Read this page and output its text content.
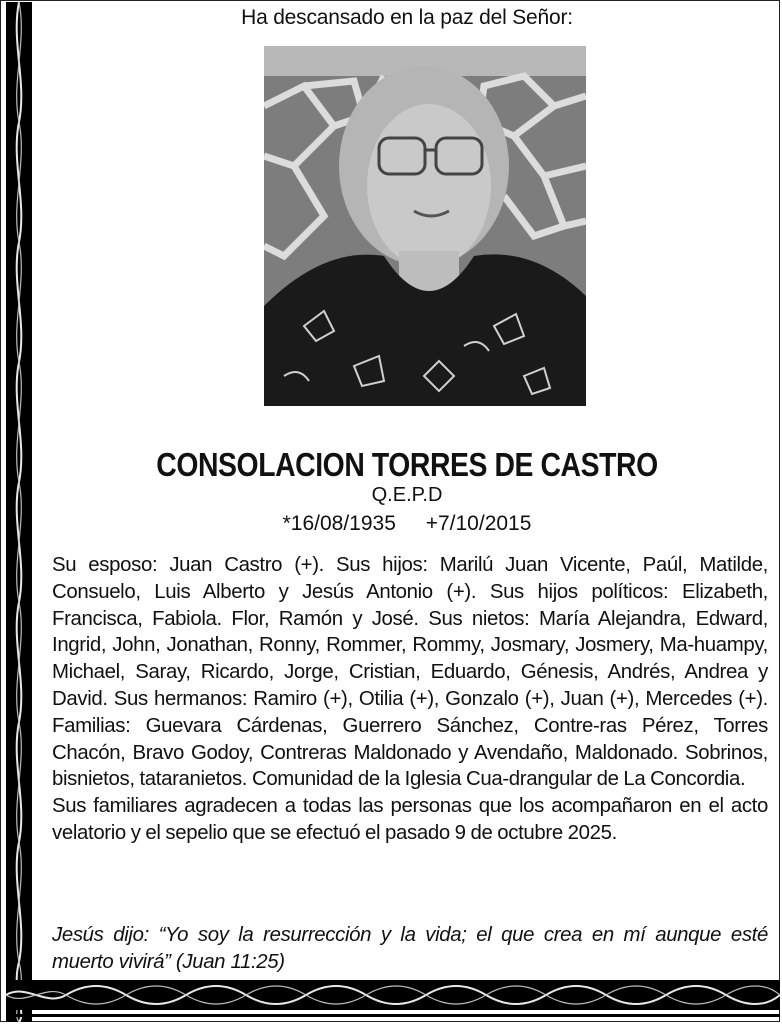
Ha descansado en la paz del Señor:
CONSOLACION TORRES DE CASTRO
Q.E.P.D
*16/08/1935 +7/10/2015

Su esposo: Juan Castro (+). Sus hijos: Marilú Juan Vicente, Paúl, Matilde, Consuelo, Luis Alberto y Jesús Antonio (+). Sus hijos políticos: Elizabeth, Francisca, Fabiola. Flor, Ramón y José. Sus nietos: María Alejandra, Edward, Ingrid, John, Jonathan, Ronny, Rommer, Rommy, Josmary, Josmery, Ma-huampy, Michael, Saray, Ricardo, Jorge, Cristian, Eduardo, Génesis, Andrés, Andrea y David. Sus hermanos: Ramiro (+), Otilia (+), Gonzalo (+), Juan (+), Mercedes (+). Familias: Guevara Cárdenas, Guerrero Sánchez, Contre-ras Pérez, Torres Chacón, Bravo Godoy, Contreras Maldonado y Avendaño, Maldonado. Sobrinos, bisnietos, tataranietos. Comunidad de la Iglesia Cua-drangular de La Concordia.

Sus familiares agradecen a todas las personas que los acompañaron en el acto velatorio y el sepelio que se efectuó el pasado 9 de octubre 2025.

Jesús dijo: “Yo soy la resurrección y la vida; el que crea en mí aunque esté muerto vivirá” (Juan 11:25)
